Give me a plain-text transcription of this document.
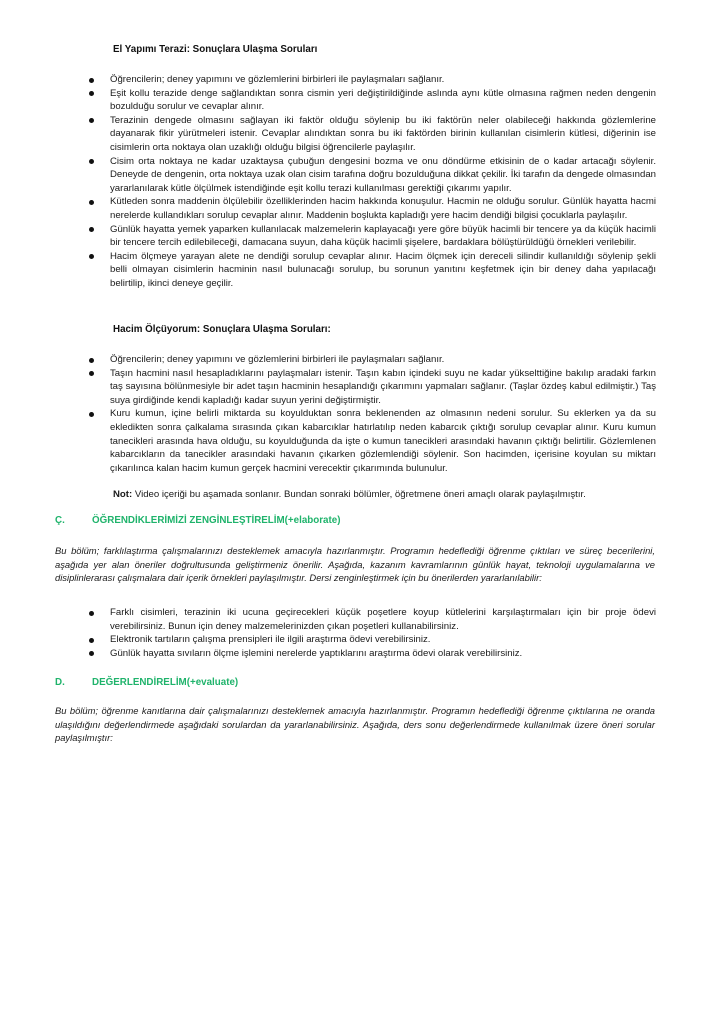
El Yapımı Terazi: Sonuçlara Ulaşma Soruları
Öğrencilerin; deney yapımını ve gözlemlerini birbirleri ile paylaşmaları sağlanır.
Eşit kollu terazide denge sağlandıktan sonra cismin yeri değiştirildiğinde aslında aynı kütle olmasına rağmen neden dengenin bozulduğu sorulur ve cevaplar alınır.
Terazinin dengede olmasını sağlayan iki faktör olduğu söylenip bu iki faktörün neler olabileceği hakkında gözlemlerine dayanarak fikir yürütmeleri istenir. Cevaplar alındıktan sonra bu iki faktörden birinin kullanılan cisimlerin kütlesi, diğerinin ise cisimlerin orta noktaya olan uzaklığı olduğu bilgisi öğrencilerle paylaşılır.
Cisim orta noktaya ne kadar uzaktaysa çubuğun dengesini bozma ve onu döndürme etkisinin de o kadar artacağı söylenir. Deneyde de dengenin, orta noktaya uzak olan cisim tarafına doğru bozulduğuna dikkat çekilir. İki tarafın da dengede olmasından yararlanılarak kütle ölçülmek istendiğinde eşit kollu terazi kullanılması gerektiği çıkarımı yapılır.
Kütleden sonra maddenin ölçülebilir özelliklerinden hacim hakkında konuşulur. Hacmin ne olduğu sorulur. Günlük hayatta hacmi nerelerde kullandıkları sorulup cevaplar alınır. Maddenin boşlukta kapladığı yere hacim dendiği bilgisi çocuklarla paylaşılır.
Günlük hayatta yemek yaparken kullanılacak malzemelerin kaplayacağı yere göre büyük hacimli bir tencere ya da küçük hacimli bir tencere tercih edilebileceği, damacana suyun, daha küçük hacimli şişelere, bardaklara bölüştürüldüğü örnekleri verilebilir.
Hacim ölçmeye yarayan alete ne dendiği sorulup cevaplar alınır. Hacim ölçmek için dereceli silindir kullanıldığı söylenip şekli belli olmayan cisimlerin hacminin nasıl bulunacağı sorulup, bu sorunun yanıtını keşfetmek için bir deney daha yapılacağı belirtilip, ikinci deneye geçilir.
Hacim Ölçüyorum: Sonuçlara Ulaşma Soruları:
Öğrencilerin; deney yapımını ve gözlemlerini birbirleri ile paylaşmaları sağlanır.
Taşın hacmini nasıl hesapladıklarını paylaşmaları istenir. Taşın kabın içindeki suyu ne kadar yükselttiğine bakılıp aradaki farkın taş sayısına bölünmesiyle bir adet taşın hacminin hesaplandığı çıkarımını yapmaları sağlanır. (Taşlar özdeş kabul edilmiştir.) Taş suya girdiğinde kendi kapladığı kadar suyun yerini değiştirmiştir.
Kuru kumun, içine belirli miktarda su koyulduktan sonra beklenenden az olmasının nedeni sorulur. Su eklerken ya da su ekledikten sonra çalkalama sırasında çıkan kabarcıklar hatırlatılıp neden kabarcık çıktığı sorulup cevaplar alınır. Kuru kumun tanecikleri arasında hava olduğu, su koyulduğunda da işte o kumun tanecikleri arasındaki havanın çıktığı belirtilir. Gözlemlenen kabarcıkların da tanecikler arasındaki havanın çıkarken gözlemlendiği söylenir. Son hacimden, içerisine koyulan su miktarı çıkarılınca kalan hacim kumun gerçek hacmini verecektir çıkarımında bulunulur.
Not: Video içeriği bu aşamada sonlanır. Bundan sonraki bölümler, öğretmene öneri amaçlı olarak paylaşılmıştır.
Ç.	ÖĞRENDİKLERİMİZİ ZENGİNLEŞTİRELİM(+elaborate)
Bu bölüm; farklılaştırma çalışmalarınızı desteklemek amacıyla hazırlanmıştır. Programın hedeflediği öğrenme çıktıları ve süreç becerilerini, aşağıda yer alan öneriler doğrultusunda geliştirmeniz önerilir. Aşağıda, kazanım kavramlarının günlük hayat, teknoloji uygulamalarına ve disiplinlerarası çalışmalara dair içerik örnekleri paylaşılmıştır. Dersi zenginleştirmek için bu önerilerden yararlanılabilir:
Farklı cisimleri, terazinin iki ucuna geçirecekleri küçük poşetlere koyup kütlelerini karşılaştırmaları için bir proje ödevi verebilirsiniz. Bunun için deney malzemelerinizden çıkan poşetleri kullanabilirsiniz.
Elektronik tartıların çalışma prensipleri ile ilgili araştırma ödevi verebilirsiniz.
Günlük hayatta sıvıların ölçme işlemini nerelerde yaptıklarını araştırma ödevi olarak verebilirsiniz.
D.	DEĞERLENDİRELİM(+evaluate)
Bu bölüm; öğrenme kanıtlarına dair çalışmalarınızı desteklemek amacıyla hazırlanmıştır. Programın hedeflediği öğrenme çıktılarına ne oranda ulaşıldığını değerlendirmede aşağıdaki sorulardan da yararlanabilirsiniz. Aşağıda, ders sonu değerlendirmede kullanılmak üzere öneri sorular paylaşılmıştır:
